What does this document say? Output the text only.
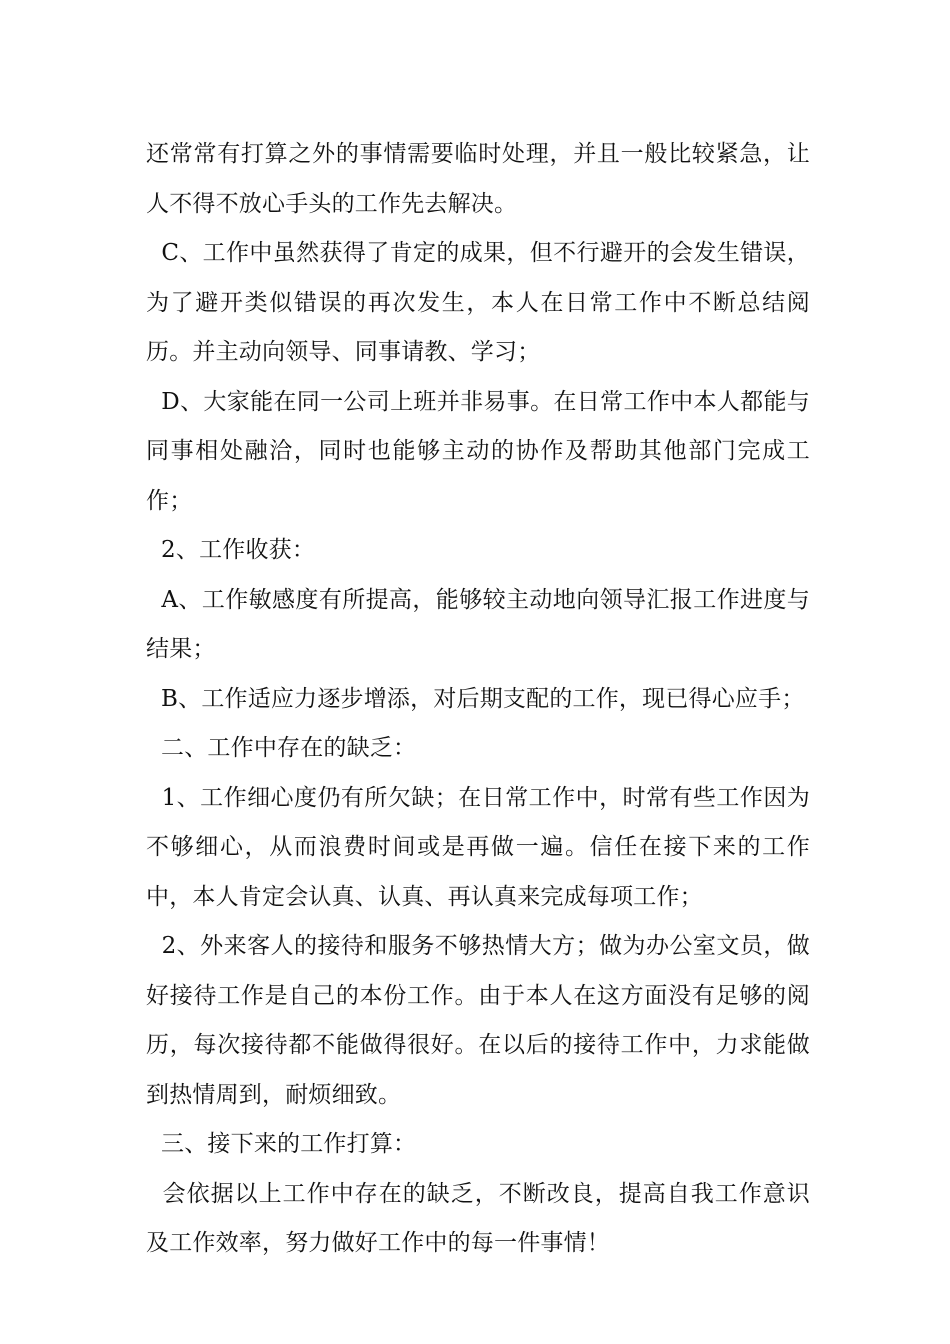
还常常有打算之外的事情需要临时处理，并且一般比较紧急，让人不得不放心手头的工作先去解决。

C、工作中虽然获得了肯定的成果，但不行避开的会发生错误，为了避开类似错误的再次发生，本人在日常工作中不断总结阅历。并主动向领导、同事请教、学习；

D、大家能在同一公司上班并非易事。在日常工作中本人都能与同事相处融洽，同时也能够主动的协作及帮助其他部门完成工作；

2、工作收获：

A、工作敏感度有所提高，能够较主动地向领导汇报工作进度与结果；

B、工作适应力逐步增添，对后期支配的工作，现已得心应手；

二、工作中存在的缺乏：

1、工作细心度仍有所欠缺；在日常工作中，时常有些工作因为不够细心，从而浪费时间或是再做一遍。信任在接下来的工作中，本人肯定会认真、认真、再认真来完成每项工作；

2、外来客人的接待和服务不够热情大方；做为办公室文员，做好接待工作是自己的本份工作。由于本人在这方面没有足够的阅历，每次接待都不能做得很好。在以后的接待工作中，力求能做到热情周到，耐烦细致。

三、接下来的工作打算：

会依据以上工作中存在的缺乏，不断改良，提高自我工作意识及工作效率，努力做好工作中的每一件事情！
